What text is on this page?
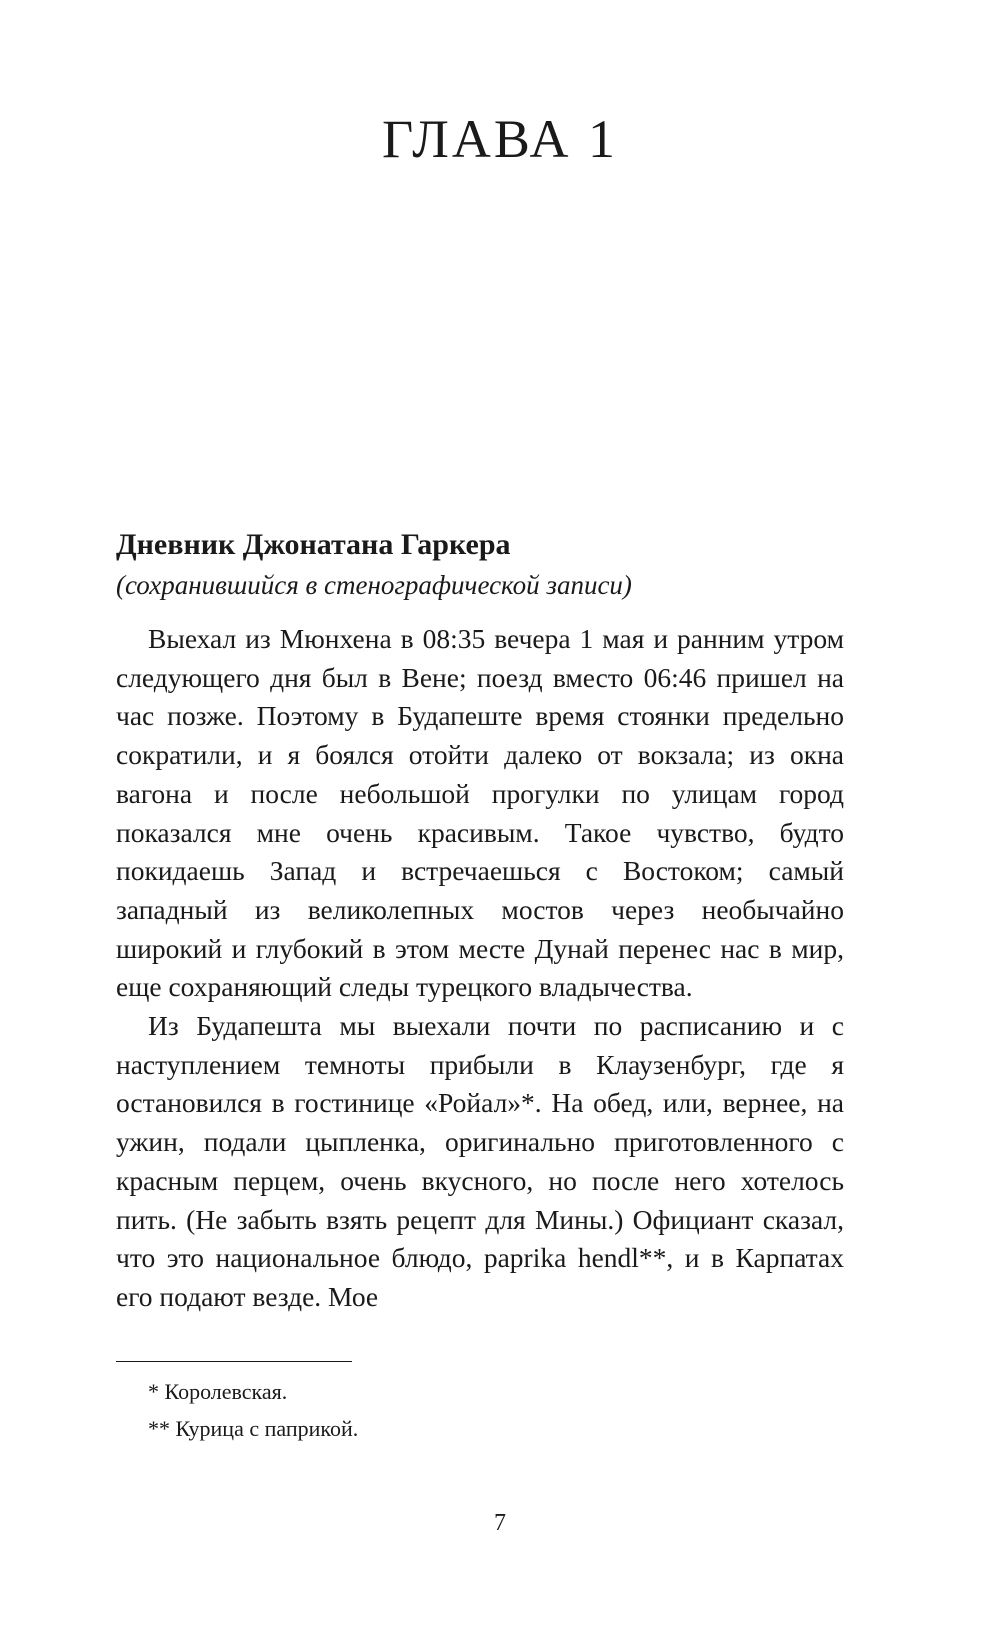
ГЛАВА 1
Дневник Джонатана Гаркера
(сохранившийся в стенографической записи)

Выехал из Мюнхена в 08:35 вечера 1 мая и ранним утром следующего дня был в Вене; поезд вместо 06:46 пришел на час позже. Поэтому в Будапеште время стоянки предельно сократили, и я боялся отойти далеко от вокзала; из окна вагона и после небольшой прогулки по улицам город показался мне очень красивым. Такое чувство, будто покидаешь Запад и встречаешься с Востоком; самый западный из великолепных мостов через необычайно широкий и глубокий в этом месте Дунай перенес нас в мир, еще сохраняющий следы турецкого владычества.

Из Будапешта мы выехали почти по расписанию и с наступлением темноты прибыли в Клаузенбург, где я остановился в гостинице «Ройал»*. На обед, или, вернее, на ужин, подали цыпленка, оригинально приготовленного с красным перцем, очень вкусного, но после него хотелось пить. (Не забыть взять рецепт для Мины.) Официант сказал, что это национальное блюдо, paprika hendl**, и в Карпатах его подают везде. Мое

* Королевская.

** Курица с паприкой.

7
